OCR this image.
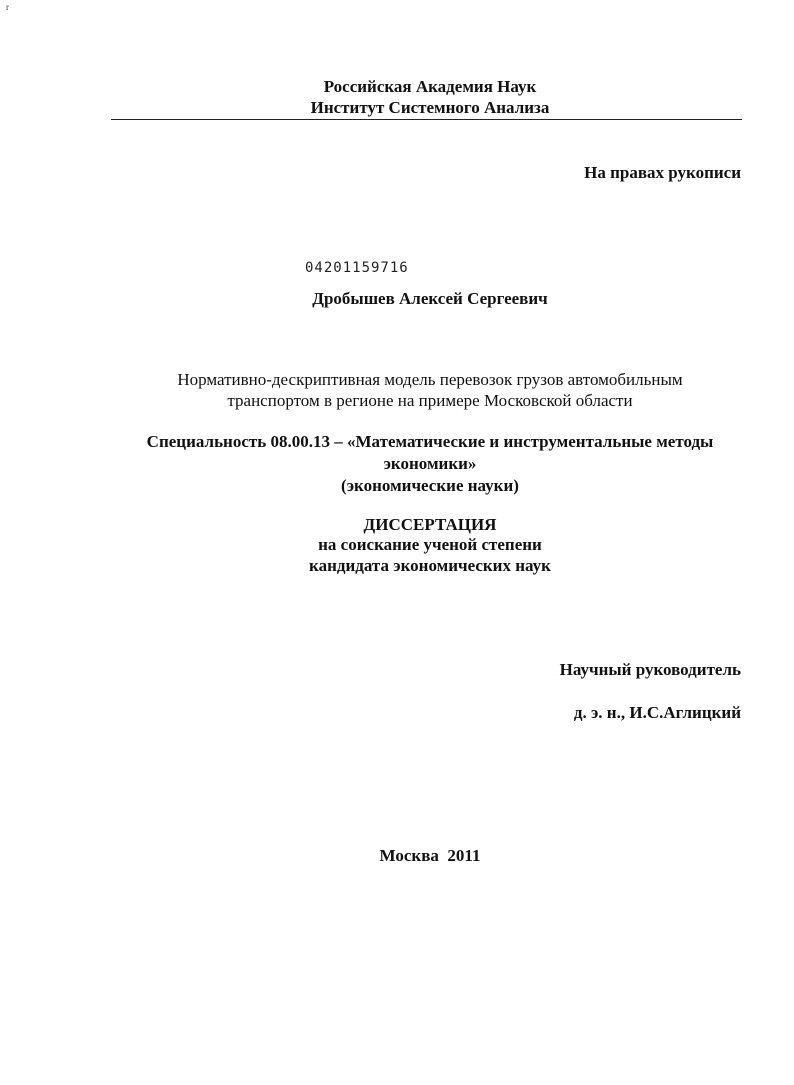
r
Российская Академия Наук
Институт Системного Анализа
На правах рукописи
04201159716
Дробышев Алексей Сергеевич
Нормативно-дескриптивная модель перевозок грузов автомобильным
транспортом в регионе на примере Московской области
Специальность 08.00.13 – «Математические и инструментальные методы
экономики»
(экономические науки)
ДИССЕРТАЦИЯ
на соискание ученой степени
кандидата экономических наук
Научный руководитель
д. э. н., И.С.Аглицкий
Москва  2011
